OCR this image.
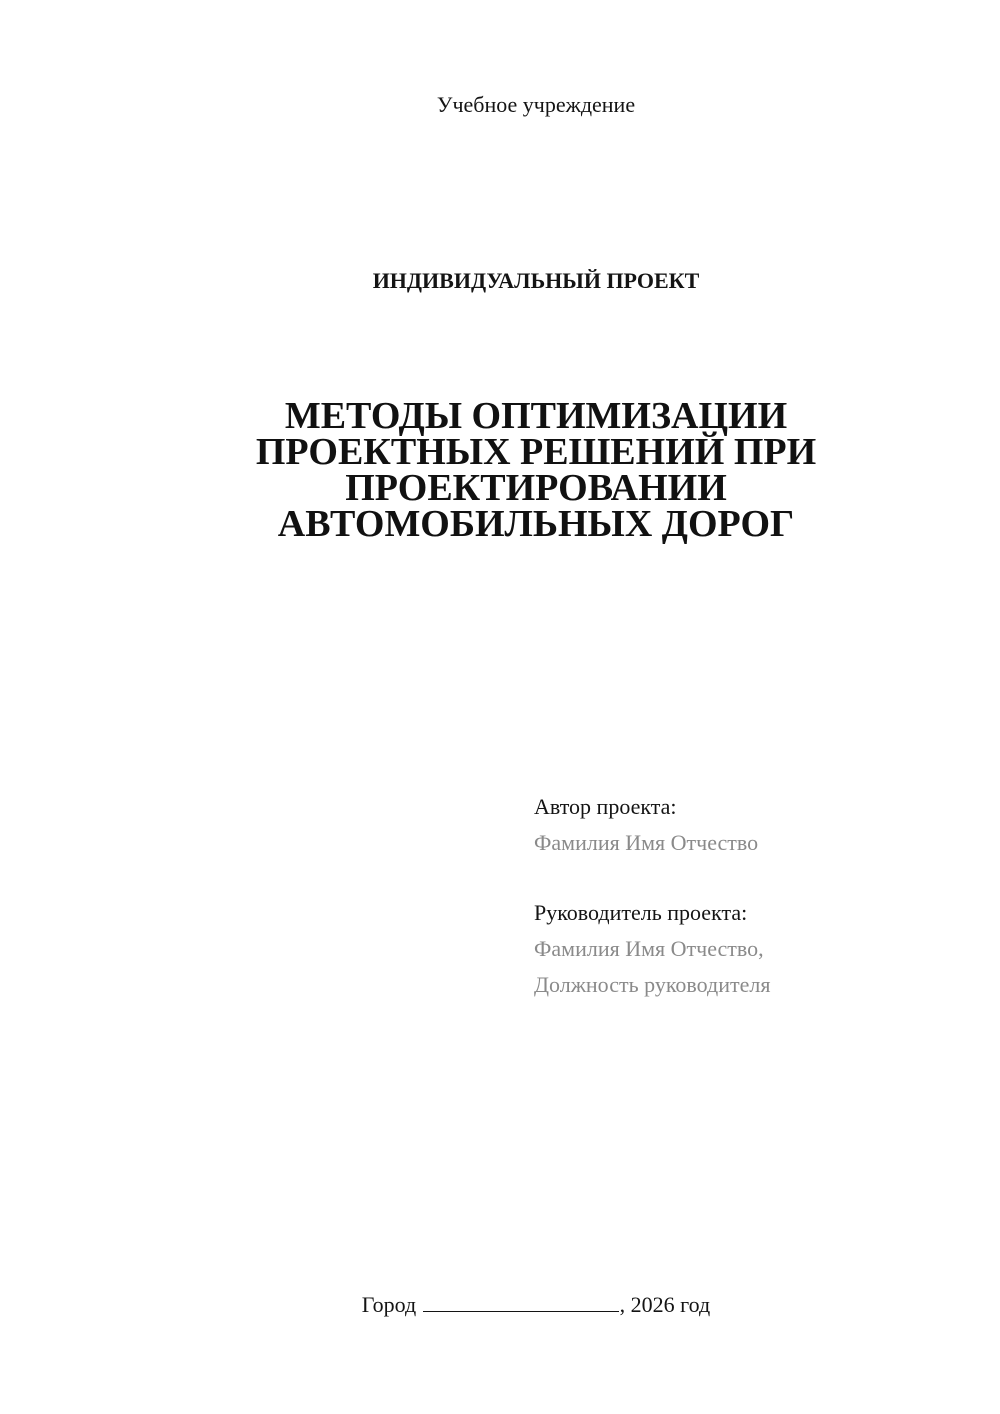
Учебное учреждение
ИНДИВИДУАЛЬНЫЙ ПРОЕКТ
МЕТОДЫ ОПТИМИЗАЦИИ
ПРОЕКТНЫХ РЕШЕНИЙ ПРИ
ПРОЕКТИРОВАНИИ
АВТОМОБИЛЬНЫХ ДОРОГ
Автор проекта:
Фамилия Имя Отчество
Руководитель проекта:
Фамилия Имя Отчество,
Должность руководителя
Город	, 2026 год
